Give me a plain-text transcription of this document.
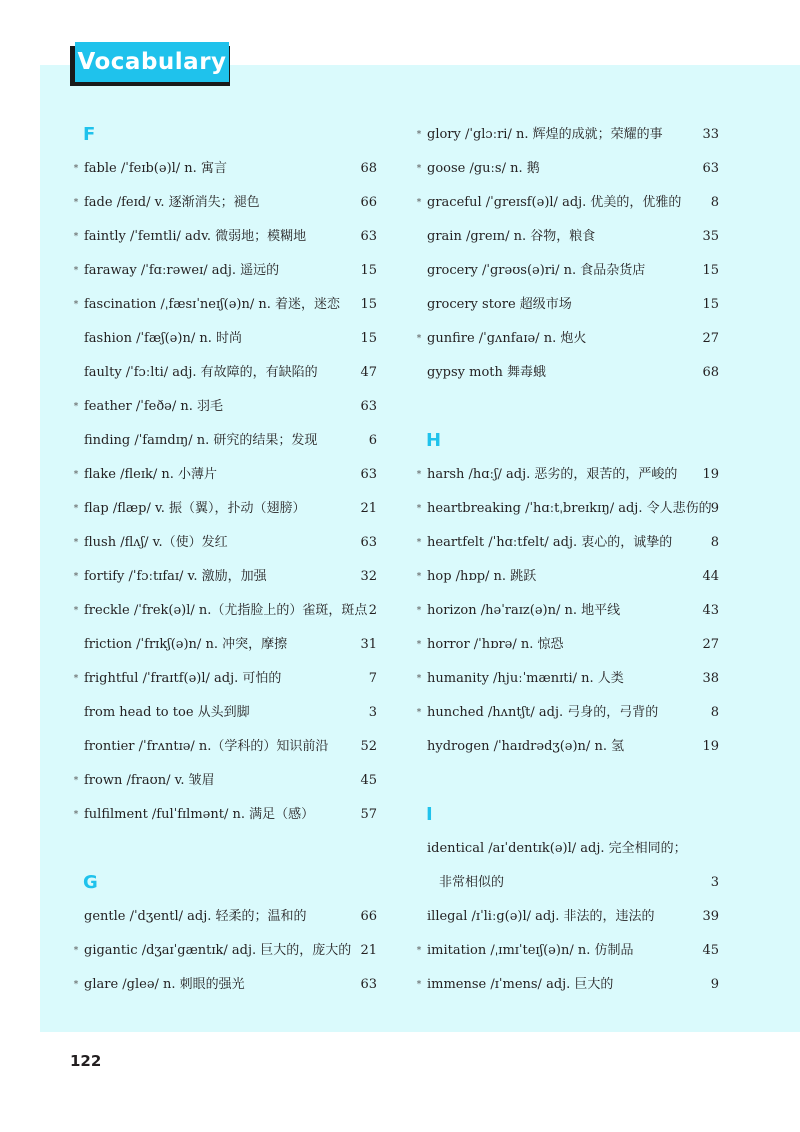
Vocabulary
F
* fable /ˈfeɪb(ə)l/ n. 寓言	68
* fade /feɪd/ v. 逐渐消失；褪色	66
* faintly /ˈfeɪntli/ adv. 微弱地；模糊地	63
* faraway /ˈfɑːrəweɪ/ adj. 遥远的	15
* fascination /ˌfæsɪˈneɪʃ(ə)n/ n. 着迷，迷恋 15
fashion /ˈfæʃ(ə)n/ n. 时尚	15
faulty /ˈfɔːlti/ adj. 有故障的，有缺陷的	47
* feather /ˈfeðə/ n. 羽毛	63
finding /ˈfaɪndɪŋ/ n. 研究的结果；发现	6
* flake /fleɪk/ n. 小薄片	63
* flap /flæp/ v. 振（翼），扑动（翅膀）	21
* flush /flʌʃ/ v.（使）发红	63
* fortify /ˈfɔːtɪfaɪ/ v. 激励，加强	32
* freckle /ˈfrek(ə)l/ n.（尤指脸上的）雀斑，斑点 2
friction /ˈfrɪkʃ(ə)n/ n. 冲突，摩擦	31
* frightful /ˈfraɪtf(ə)l/ adj. 可怕的	7
from head to toe 从头到脚	3
frontier /ˈfrʌntɪə/ n.（学科的）知识前沿 52
* frown /fraʊn/ v. 皱眉	45
* fulfilment /fulˈfɪlmənt/ n. 满足（感）	57
G
gentle /ˈdʒentl/ adj. 轻柔的；温和的	66
* gigantic /dʒaɪˈgæntɪk/ adj. 巨大的，庞大的 21
* glare /gleə/ n. 刺眼的强光	63
* glory /ˈglɔːri/ n. 辉煌的成就；荣耀的事	33
* goose /guːs/ n. 鹅	63
* graceful /ˈgreɪsf(ə)l/ adj. 优美的，优雅的 8
grain /greɪn/ n. 谷物，粮食	35
grocery /ˈgrəʊs(ə)ri/ n. 食品杂货店	15
grocery store 超级市场	15
* gunfire /ˈgʌnfaɪə/ n. 炮火	27
gypsy moth 舞毒蛾	68
H
* harsh /hɑːʃ/ adj. 恶劣的，艰苦的，严峻的 19
* heartbreaking /ˈhɑːtˌbreɪkɪŋ/ adj. 令人悲伤的 9
* heartfelt /ˈhɑːtfelt/ adj. 衷心的，诚挚的	8
* hop /hɒp/ n. 跳跃	44
* horizon /həˈraɪz(ə)n/ n. 地平线	43
* horror /ˈhɒrə/ n. 惊恐	27
* humanity /hjuːˈmænɪti/ n. 人类	38
* hunched /hʌntʃt/ adj. 弓身的，弓背的	8
hydrogen /ˈhaɪdrədʒ(ə)n/ n. 氢	19
I
identical /aɪˈdentɪk(ə)l/ adj. 完全相同的；
非常相似的	3
illegal /ɪˈliːg(ə)l/ adj. 非法的，违法的	39
* imitation /ˌɪmɪˈteɪʃ(ə)n/ n. 仿制品	45
* immense /ɪˈmens/ adj. 巨大的	9
122
